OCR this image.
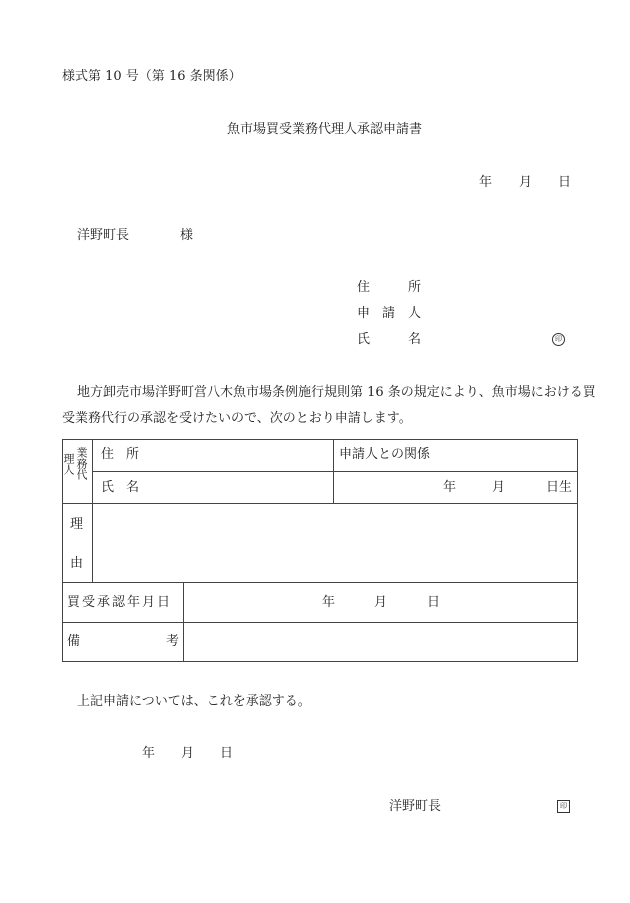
様式第 10 号（第 16 条関係）
魚市場買受業務代理人承認申請書
年 月 日
洋野町長	様
住	所
申 請 人
氏	名	印
地方卸売市場洋野町営八木魚市場条例施行規則第 16 条の規定により、魚市場における買
受業務代行の承認を受けたいので、次のとおり申請します。
理人 業務代 住 所	申請人との関係
氏 名	年	月	日生
理
由
買受承認年月日	年	月	日
備	考
上記申請については、これを承認する。
年 月 日
洋野町長	印
